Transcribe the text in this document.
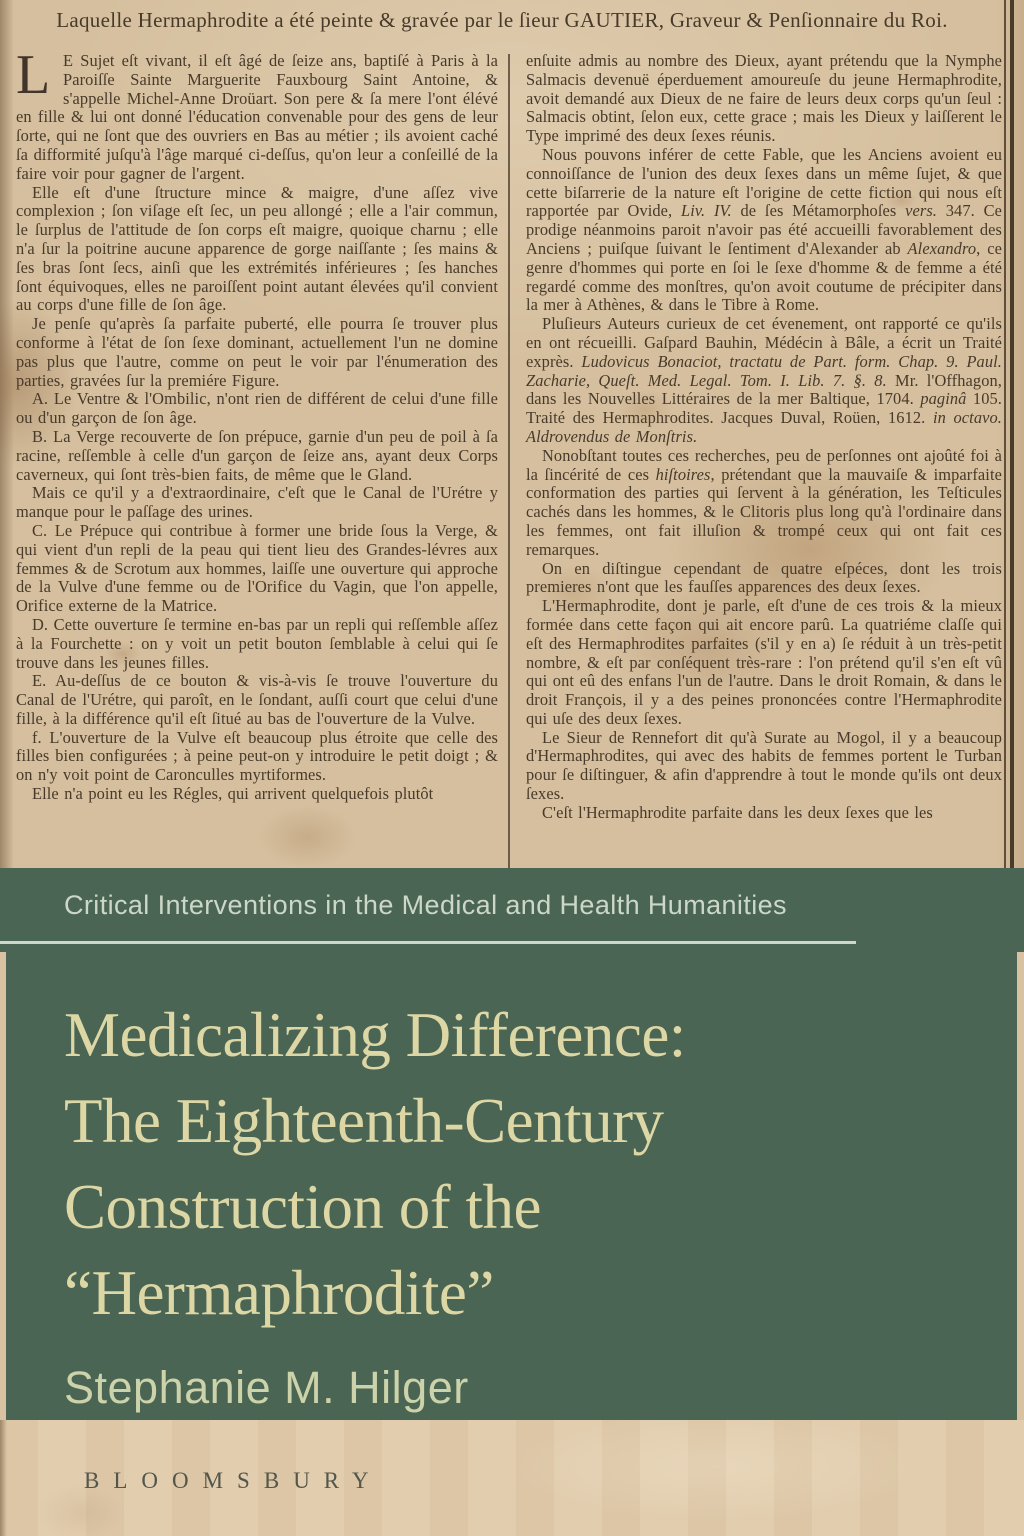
Laquelle Hermaphrodite a été peinte & gravée par le ſieur GAUTIER, Graveur & Penſionnaire du Roi.
L E Sujet eſt vivant, il eſt âgé de ſeize ans, baptiſé à Paris à la Paroiſſe Sainte Marguerite Fauxbourg Saint Antoine, & s'appelle Michel-Anne Droüart. Son pere & ſa mere l'ont élévé en fille & lui ont donné l'éducation convenable pour des gens de leur ſorte, qui ne ſont que des ouvriers en Bas au métier ; ils avoient caché ſa difformité juſqu'à l'âge marqué ci-deſſus, qu'on leur a conſeillé de la faire voir pour gagner de l'argent.

Elle eſt d'une ſtructure mince & maigre, d'une aſſez vive complexion ; ſon viſage eſt ſec, un peu allongé ; elle a l'air commun, le ſurplus de l'attitude de ſon corps eſt maigre, quoique charnu ; elle n'a ſur la poitrine aucune apparence de gorge naiſſante ; ſes mains & ſes bras ſont ſecs, ainſi que les extrémités inférieures ; ſes hanches ſont équivoques, elles ne paroiſſent point autant élevées qu'il convient au corps d'une fille de ſon âge.

Je penſe qu'après ſa parfaite puberté, elle pourra ſe trouver plus conforme à l'état de ſon ſexe dominant, actuellement l'un ne domine pas plus que l'autre, comme on peut le voir par l'énumeration des parties, gravées ſur la premiére Figure.

A. Le Ventre & l'Ombilic, n'ont rien de différent de celui d'une fille ou d'un garçon de ſon âge.

B. La Verge recouverte de ſon prépuce, garnie d'un peu de poil à ſa racine, reſſemble à celle d'un garçon de ſeize ans, ayant deux Corps caverneux, qui ſont très-bien faits, de même que le Gland.

Mais ce qu'il y a d'extraordinaire, c'eſt que le Canal de l'Urétre y manque pour le paſſage des urines.

C. Le Prépuce qui contribue à former une bride ſous la Verge, & qui vient d'un repli de la peau qui tient lieu des Grandes-lévres aux femmes & de Scrotum aux hommes, laiſſe une ouverture qui approche de la Vulve d'une femme ou de l'Orifice du Vagin, que l'on appelle, Orifice externe de la Matrice.

D. Cette ouverture ſe termine en-bas par un repli qui reſſemble aſſez à la Fourchette : on y voit un petit bouton ſemblable à celui qui ſe trouve dans les jeunes filles.

E. Au-deſſus de ce bouton & vis-à-vis ſe trouve l'ouverture du Canal de l'Urétre, qui paroît, en le ſondant, auſſi court que celui d'une fille, à la différence qu'il eſt ſitué au bas de l'ouverture de la Vulve.

f. L'ouverture de la Vulve eſt beaucoup plus étroite que celle des filles bien configurées ; à peine peut-on y introduire le petit doigt ; & on n'y voit point de Caronculles myrtiformes.

Elle n'a point eu les Régles, qui arrivent quelquefois plutôt

enſuite admis au nombre des Dieux, ayant prétendu que la Nymphe Salmacis devenuë éperduement amoureuſe du jeune Hermaphrodite, avoit demandé aux Dieux de ne faire de leurs deux corps qu'un ſeul : Salmacis obtint, ſelon eux, cette grace ; mais les Dieux y laiſſerent le Type imprimé des deux ſexes réunis.

Nous pouvons inférer de cette Fable, que les Anciens avoient eu connoiſſance de l'union des deux ſexes dans un même ſujet, & que cette biſarrerie de la nature eſt l'origine de cette fiction qui nous eſt rapportée par Ovide, Liv. IV. de ſes Métamorphoſes vers. 347. Ce prodige néanmoins paroit n'avoir pas été accueilli favorablement des Anciens ; puiſque ſuivant le ſentiment d'Alexander ab Alexandro, ce genre d'hommes qui porte en ſoi le ſexe d'homme & de femme a été regardé comme des monſtres, qu'on avoit coutume de précipiter dans la mer à Athènes, & dans le Tibre à Rome.

Pluſieurs Auteurs curieux de cet évenement, ont rapporté ce qu'ils en ont récueilli. Gaſpard Bauhin, Médécin à Bâle, a écrit un Traité exprès. Ludovicus Bonaciot, tractatu de Part. form. Chap. 9. Paul. Zacharie, Queſt. Med. Legal. Tom. I. Lib. 7. §. 8. Mr. l'Offhagon, dans les Nouvelles Littéraires de la mer Baltique, 1704. paginâ 105. Traité des Hermaphrodites. Jacques Duval, Roüen, 1612. in octavo. Aldrovendus de Monſtris.

Nonobſtant toutes ces recherches, peu de perſonnes ont ajoûté foi à la ſincérité de ces hiſtoires, prétendant que la mauvaiſe & imparfaite conformation des parties qui ſervent à la génération, les Teſticules cachés dans les hommes, & le Clitoris plus long qu'à l'ordinaire dans les femmes, ont fait illuſion & trompé ceux qui ont fait ces remarques.

On en diſtingue cependant de quatre eſpéces, dont les trois premieres n'ont que les fauſſes apparences des deux ſexes.

L'Hermaphrodite, dont je parle, eſt d'une de ces trois & la mieux formée dans cette façon qui ait encore parû. La quatriéme claſſe qui eſt des Hermaphrodites parfaites (s'il y en a) ſe réduit à un très-petit nombre, & eſt par conſéquent très-rare : l'on prétend qu'il s'en eſt vû qui ont eû des enfans l'un de l'autre. Dans le droit Romain, & dans le droit François, il y a des peines prononcées contre l'Hermaphrodite qui uſe des deux ſexes.

Le Sieur de Rennefort dit qu'à Surate au Mogol, il y a beaucoup d'Hermaphrodites, qui avec des habits de femmes portent le Turban pour ſe diſtinguer, & afin d'apprendre à tout le monde qu'ils ont deux ſexes.

C'eſt l'Hermaphrodite parfaite dans les deux ſexes que les

Critical Interventions in the Medical and Health Humanities
Medicalizing Difference:
The Eighteenth-Century
Construction of the
“Hermaphrodite”
Stephanie M. Hilger
BLOOMSBURY
